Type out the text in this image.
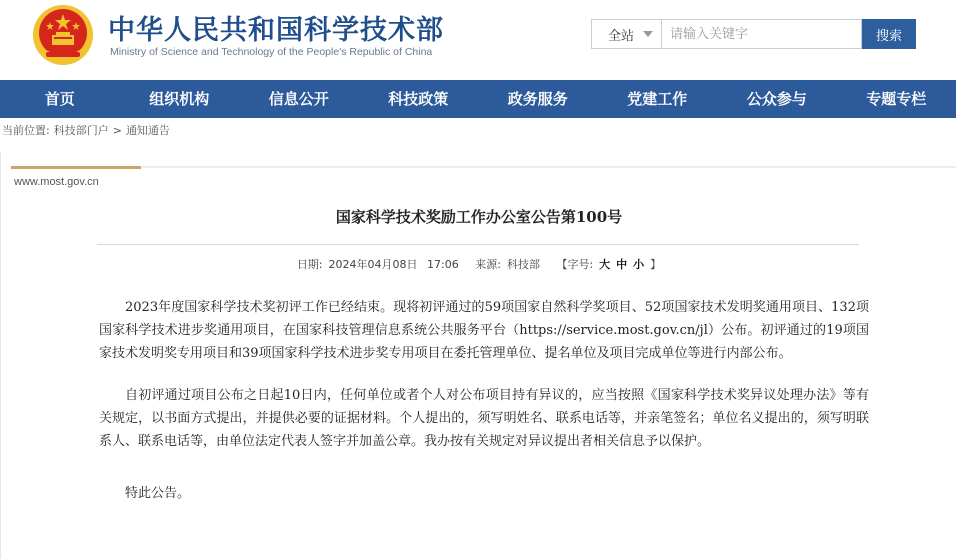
中华人民共和国科学技术部
Ministry of Science and Technology of the People's Republic of China
全站
请输入关键字	搜索
首页	组织机构	信息公开	科技政策	政务服务	党建工作	公众参与	专题专栏
当前位置: 科技部门户 > 通知通告
www.most.gov.cn
国家科学技术奖励工作办公室公告第100号
日期: 2024年04月08日 17:06 来源: 科技部 【字号: 大 中 小 】

2023年度国家科学技术奖初评工作已经结束。现将初评通过的59项国家自然科学奖项目、52项国家技术发明奖通用项目、132项国家科学技术进步奖通用项目，在国家科技管理信息系统公共服务平台（https://service.most.gov.cn/jl）公布。初评通过的19项国家技术发明奖专用项目和39项国家科学技术进步奖专用项目在委托管理单位、提名单位及项目完成单位等进行内部公布。

自初评通过项目公布之日起10日内，任何单位或者个人对公布项目持有异议的，应当按照《国家科学技术奖异议处理办法》等有关规定，以书面方式提出，并提供必要的证据材料。个人提出的，须写明姓名、联系电话等，并亲笔签名；单位名义提出的，须写明联系人、联系电话等，由单位法定代表人签字并加盖公章。我办按有关规定对异议提出者相关信息予以保护。

特此公告。
